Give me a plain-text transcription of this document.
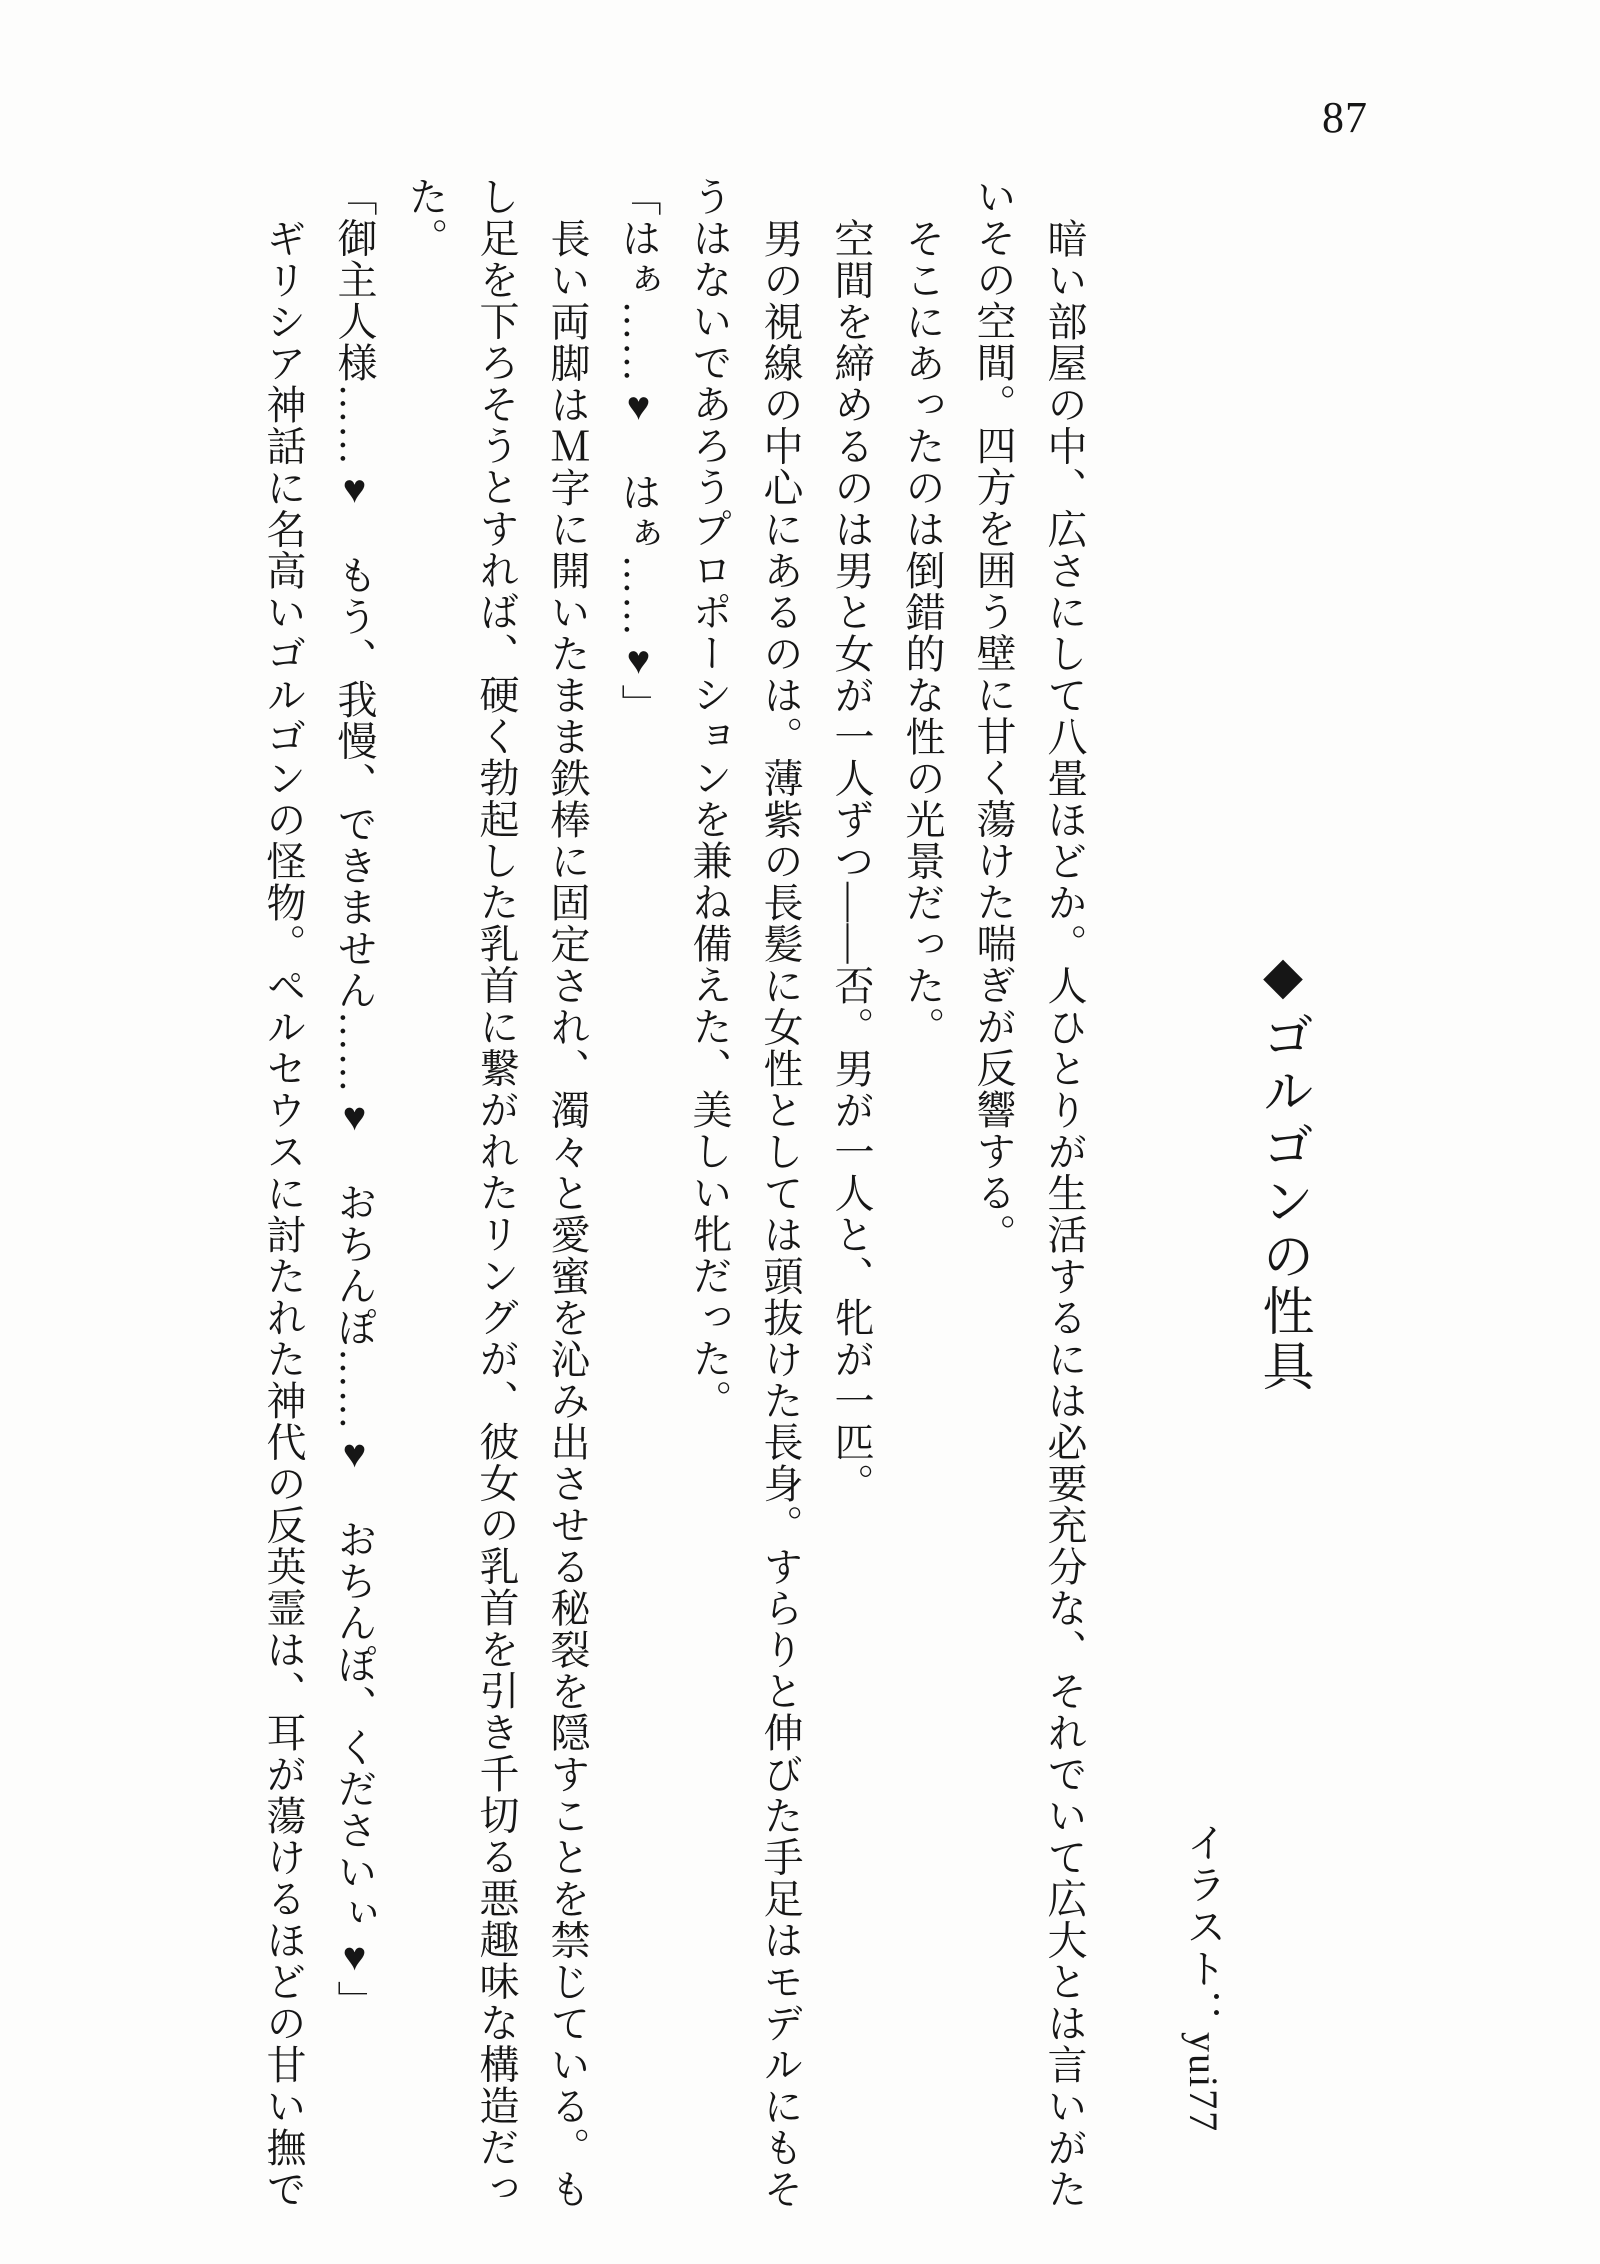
87
◆ゴルゴンの性具
イラスト：yui77

暗い部屋の中、広さにして八畳ほどか。人ひとりが生活するには必要充分な、それでいて広大とは言いがたいその空間。四方を囲う壁に甘く蕩けた喘ぎが反響する。

そこにあったのは倒錯的な性の光景だった。

空間を締めるのは男と女が一人ずつ――否。男が一人と、牝が一匹。

男の視線の中心にあるのは。薄紫の長髪に女性としては頭抜けた長身。すらりと伸びた手足はモデルにもそうはないであろうプロポーションを兼ね備えた、美しい牝だった。

「はぁ……♥　はぁ……♥」

長い両脚はＭ字に開いたまま鉄棒に固定され、濁々と愛蜜を沁み出させる秘裂を隠すことを禁じている。もし足を下ろそうとすれば、硬く勃起した乳首に繋がれたリングが、彼女の乳首を引き千切る悪趣味な構造だった。

「御主人様……♥　もう、我慢、できません……♥　おちんぽ……♥　おちんぽ、くださいぃ♥」

ギリシア神話に名高いゴルゴンの怪物。ペルセウスに討たれた神代の反英霊は、耳が蕩けるほどの甘い撫で
